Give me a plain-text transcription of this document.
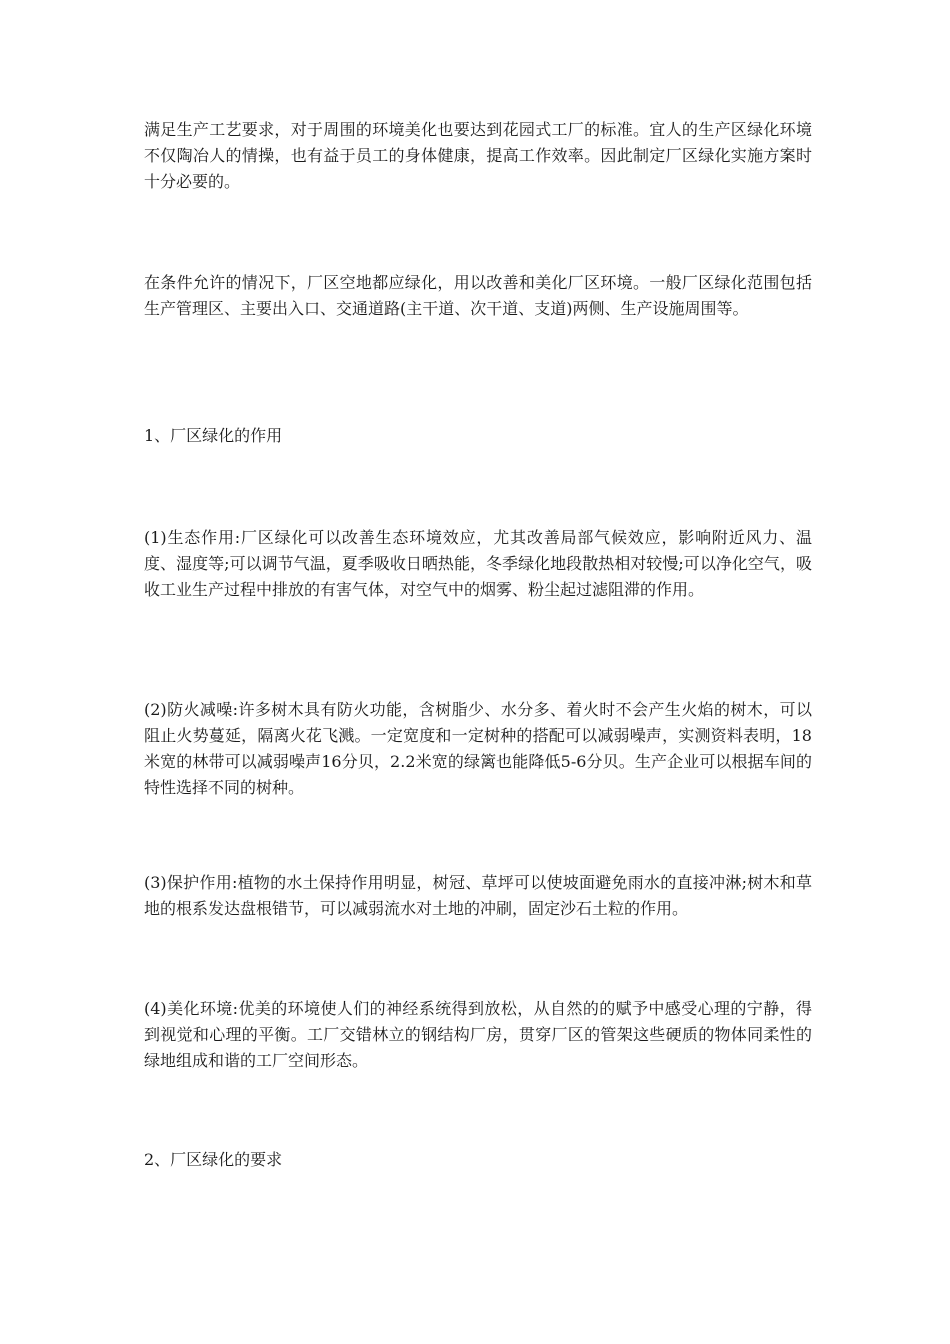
满足生产工艺要求，对于周围的环境美化也要达到花园式工厂的标准。宜人的生产区绿化环境不仅陶冶人的情操，也有益于员工的身体健康，提高工作效率。因此制定厂区绿化实施方案时十分必要的。

在条件允许的情况下，厂区空地都应绿化，用以改善和美化厂区环境。一般厂区绿化范围包括生产管理区、主要出入口、交通道路(主干道、次干道、支道)两侧、生产设施周围等。

1、厂区绿化的作用

(1)生态作用:厂区绿化可以改善生态环境效应，尤其改善局部气候效应，影响附近风力、温度、湿度等;可以调节气温，夏季吸收日晒热能，冬季绿化地段散热相对较慢;可以净化空气，吸收工业生产过程中排放的有害气体，对空气中的烟雾、粉尘起过滤阻滞的作用。

(2)防火减噪:许多树木具有防火功能，含树脂少、水分多、着火时不会产生火焰的树木，可以阻止火势蔓延，隔离火花飞溅。一定宽度和一定树种的搭配可以减弱噪声，实测资料表明，18米宽的林带可以减弱噪声16分贝，2.2米宽的绿篱也能降低5-6分贝。生产企业可以根据车间的特性选择不同的树种。

(3)保护作用:植物的水土保持作用明显，树冠、草坪可以使坡面避免雨水的直接冲淋;树木和草地的根系发达盘根错节，可以减弱流水对土地的冲刷，固定沙石土粒的作用。

(4)美化环境:优美的环境使人们的神经系统得到放松，从自然的的赋予中感受心理的宁静，得到视觉和心理的平衡。工厂交错林立的钢结构厂房，贯穿厂区的管架这些硬质的物体同柔性的绿地组成和谐的工厂空间形态。

2、厂区绿化的要求
